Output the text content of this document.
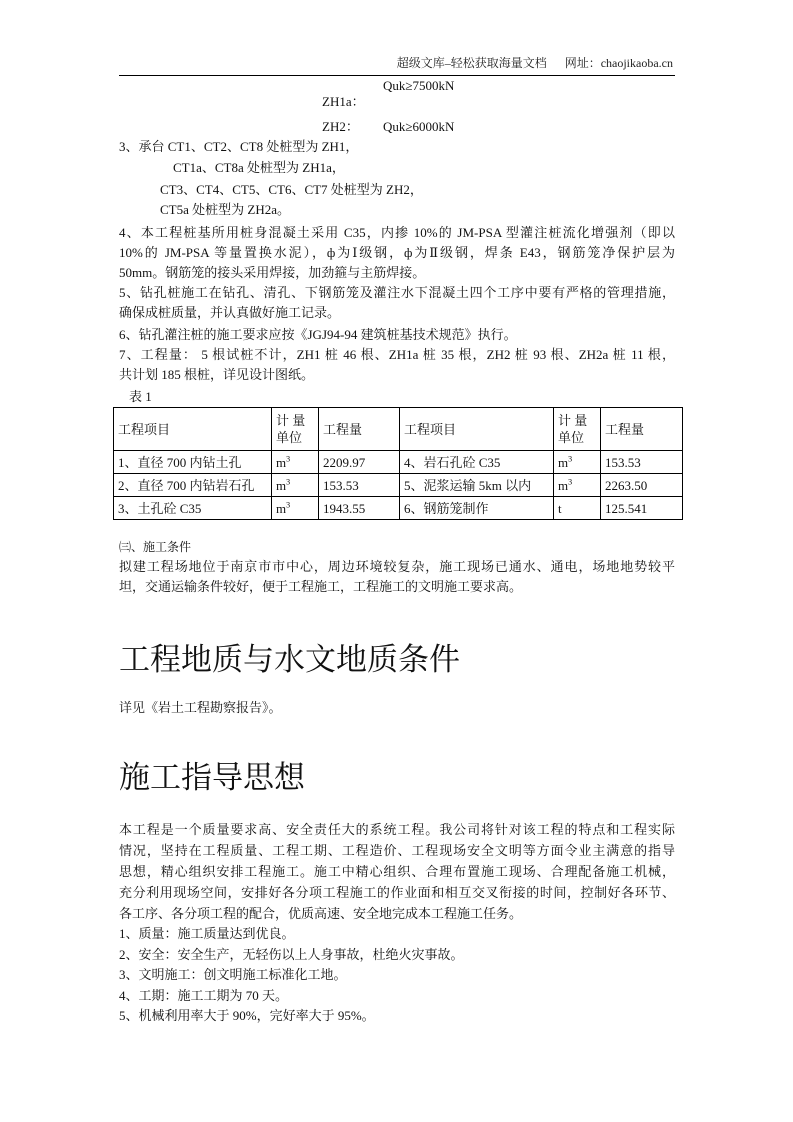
超级文库–轻松获取海量文档      网址：chaojikaoba.cn
Quk≥7500kN
ZH1a：
ZH2： Quk≥6000kN
3、承台 CT1、CT2、CT8 处桩型为 ZH1，
CT1a、CT8a 处桩型为 ZH1a，
CT3、CT4、CT5、CT6、CT7 处桩型为 ZH2，
CT5a 处桩型为 ZH2a。
4、本工程桩基所用桩身混凝土采用 C35，内掺 10%的 JM-PSA 型灌注桩流化增强剂（即以
10%的 JM-PSA 等量置换水泥），ф为Ⅰ级钢，ф为Ⅱ级钢，焊条 E43，钢筋笼净保护层为
50mm。钢筋笼的接头采用焊接，加劲箍与主筋焊接。
5、钻孔桩施工在钻孔、清孔、下钢筋笼及灌注水下混凝土四个工序中要有严格的管理措施，
确保成桩质量，并认真做好施工记录。
6、钻孔灌注桩的施工要求应按《JGJ94-94 建筑桩基技术规范》执行。
7、工程量： 5 根试桩不计，ZH1 桩 46 根、ZH1a 桩 35 根，ZH2 桩 93 根、ZH2a 桩 11 根，
共计划 185 根桩，详见设计图纸。
表 1
工程项目	计 量 单位	工程量	工程项目	计 量 单位	工程量
1、直径 700 内钻土孔	$m^3$	2209.97	4、岩石孔砼 C35	$m^3$	153.53
2、直径 700 内钻岩石孔	$m^3$	153.53	5、泥浆运输 5km 以内	$m^3$	2263.50
3、土孔砼 C35	$m^3$	1943.55	6、钢筋笼制作	t	125.541
㈢、施工条件
拟建工程场地位于南京市市中心，周边环境较复杂，施工现场已通水、通电，场地地势较平
坦，交通运输条件较好，便于工程施工，工程施工的文明施工要求高。
工程地质与水文地质条件
详见《岩土工程勘察报告》。
施工指导思想
本工程是一个质量要求高、安全责任大的系统工程。我公司将针对该工程的特点和工程实际
情况，坚持在工程质量、工程工期、工程造价、工程现场安全文明等方面令业主满意的指导
思想，精心组织安排工程施工。施工中精心组织、合理布置施工现场、合理配备施工机械，
充分利用现场空间，安排好各分项工程施工的作业面和相互交叉衔接的时间，控制好各环节、
各工序、各分项工程的配合，优质高速、安全地完成本工程施工任务。
1、质量：施工质量达到优良。
2、安全：安全生产，无轻伤以上人身事故，杜绝火灾事故。
3、文明施工：创文明施工标准化工地。
4、工期：施工工期为 70 天。
5、机械利用率大于 90%，完好率大于 95%。
